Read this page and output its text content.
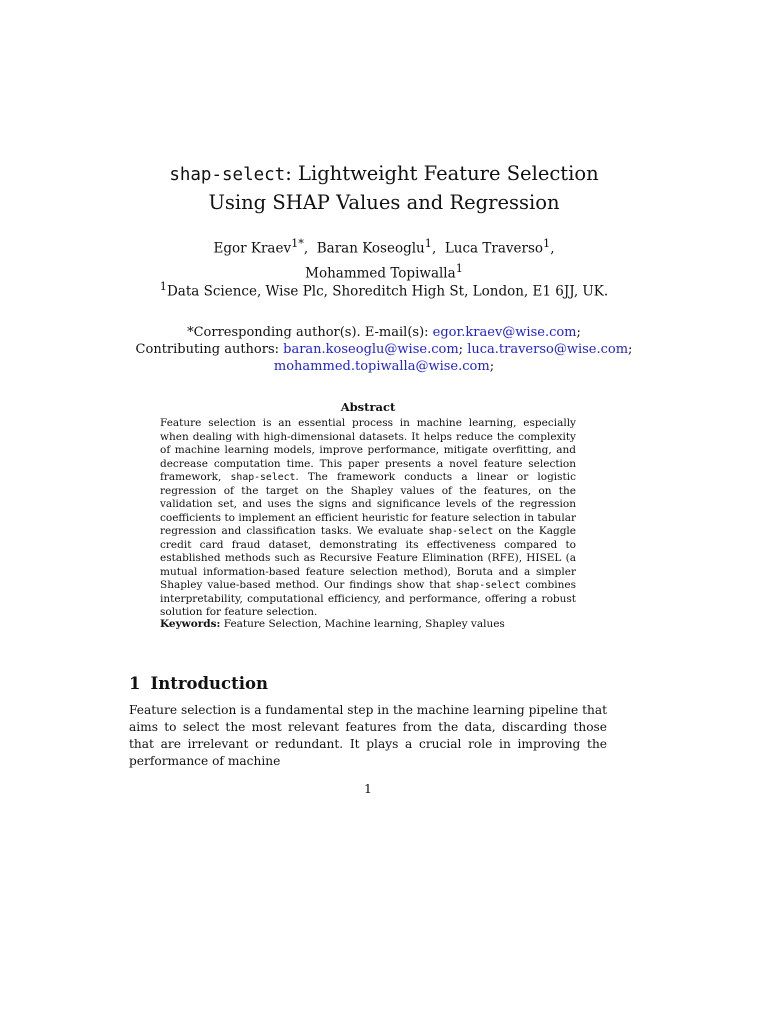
shap-select: Lightweight Feature Selection
Using SHAP Values and Regression
Egor Kraev$^{1*}$,  Baran Koseoglu$^1$,  Luca Traverso$^1$,
Mohammed Topiwalla$^1$
$^1$Data Science, Wise Plc, Shoreditch High St, London, E1 6JJ, UK.
*Corresponding author(s). E-mail(s): egor.kraev@wise.com;
Contributing authors: baran.koseoglu@wise.com; luca.traverso@wise.com;
mohammed.topiwalla@wise.com;
Abstract
Feature selection is an essential process in machine learning, especially when dealing with high-dimensional datasets. It helps reduce the complexity of machine learning models, improve performance, mitigate overfitting, and decrease computation time. This paper presents a novel feature selection framework, shap-select. The framework conducts a linear or logistic regression of the target on the Shapley values of the features, on the validation set, and uses the signs and significance levels of the regression coefficients to implement an efficient heuristic for feature selection in tabular regression and classification tasks. We evaluate shap-select on the Kaggle credit card fraud dataset, demonstrating its effectiveness compared to established methods such as Recursive Feature Elimination (RFE), HISEL (a mutual information-based feature selection method), Boruta and a simpler Shapley value-based method. Our findings show that shap-select combines interpretability, computational efficiency, and performance, offering a robust solution for feature selection.
Keywords: Feature Selection, Machine learning, Shapley values
1 Introduction
Feature selection is a fundamental step in the machine learning pipeline that aims to select the most relevant features from the data, discarding those that are irrelevant or redundant. It plays a crucial role in improving the performance of machine
1
